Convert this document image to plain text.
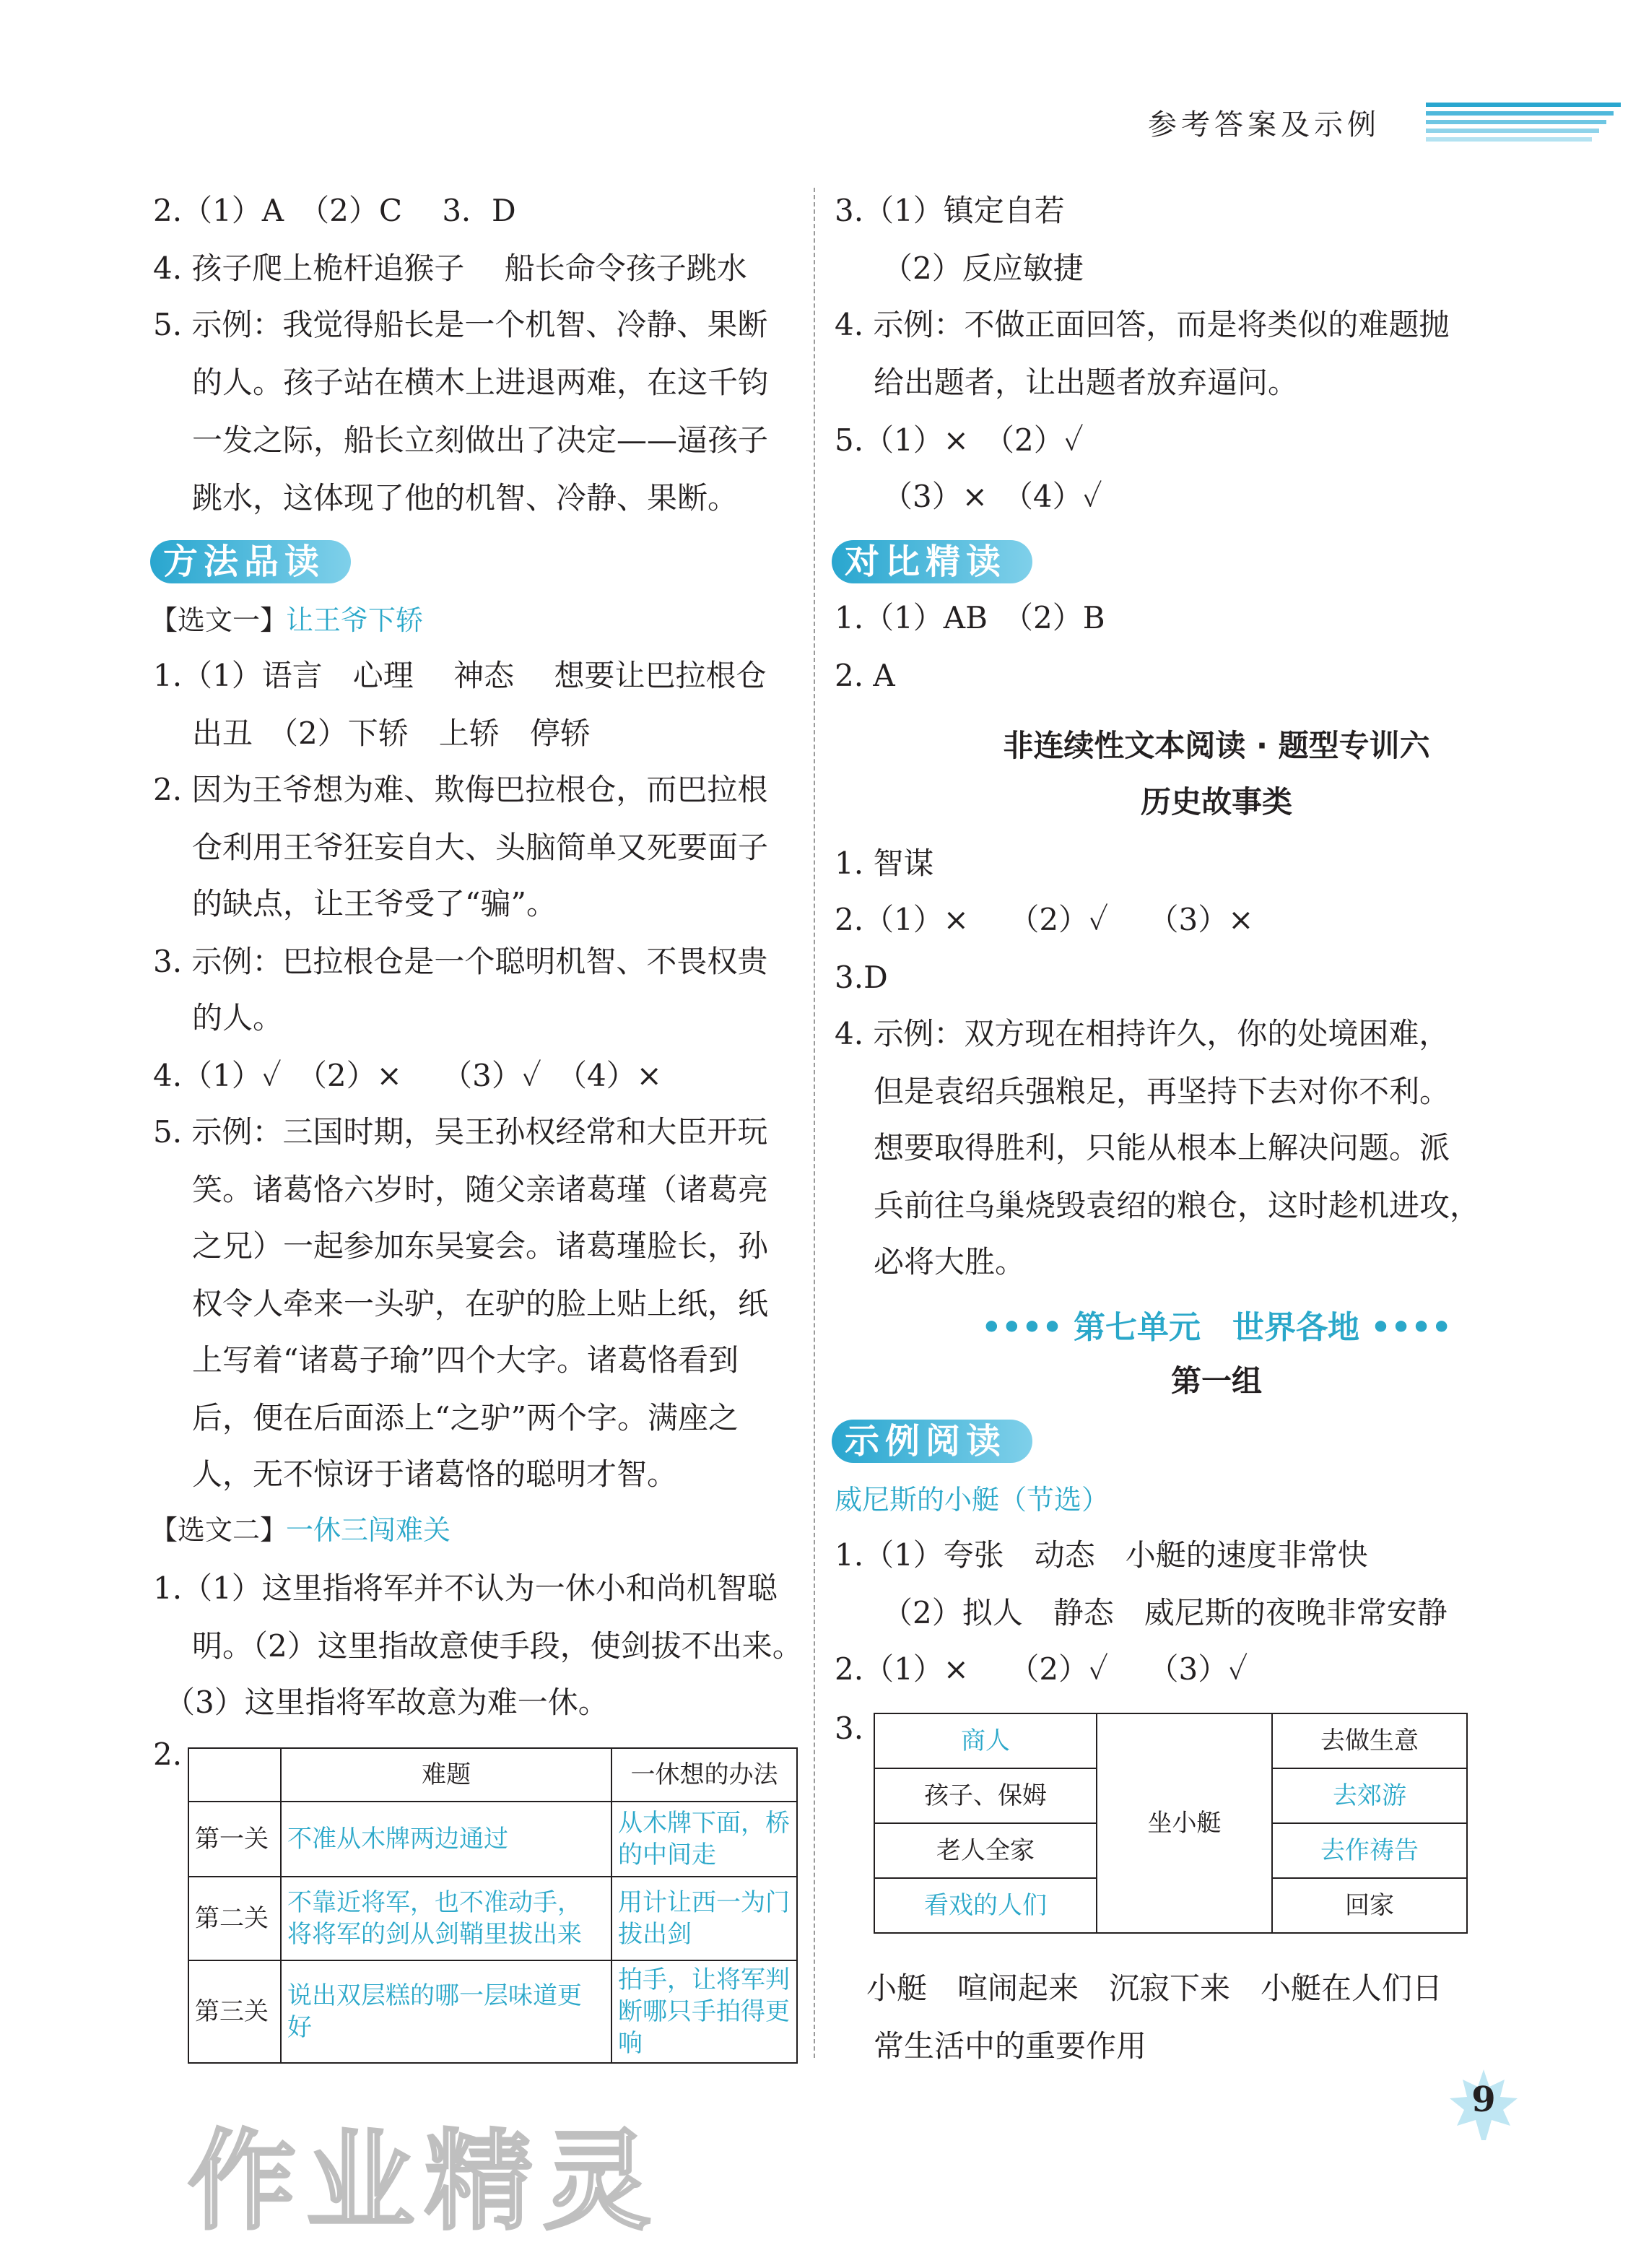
参考答案及示例
2.（1）A　（2）C　 3．D
4. 孩子爬上桅杆追猴子　 船长命令孩子跳水
5. 示例：我觉得船长是一个机智、冷静、果断
的人。孩子站在横木上进退两难，在这千钧
一发之际，船长立刻做出了决定——逼孩子
跳水，这体现了他的机智、冷静、果断。
方法品读
【选文一】
让王爷下轿
1.（1）语言　心理　 神态　 想要让巴拉根仓
出丑　（2）下轿　上轿　停轿
2. 因为王爷想为难、欺侮巴拉根仓，而巴拉根
仓利用王爷狂妄自大、头脑简单又死要面子
的缺点，让王爷受了“骗”。
3. 示例：巴拉根仓是一个聪明机智、不畏权贵
的人。
4.（1）✓　（2）×　 （3）✓　（4）×
5. 示例：三国时期，吴王孙权经常和大臣开玩
笑。诸葛恪六岁时，随父亲诸葛瑾（诸葛亮
之兄）一起参加东吴宴会。诸葛瑾脸长，孙
权令人牵来一头驴，在驴的脸上贴上纸，纸
上写着“诸葛子瑜”四个大字。诸葛恪看到
后，便在后面添上“之驴”两个字。满座之
人，无不惊讶于诸葛恪的聪明才智。
【选文二】
一休三闯难关
1.（1）这里指将军并不认为一休小和尚机智聪
明。（2）这里指故意使手段，使剑拔不出来。
（3）这里指将军故意为难一休。
2.
	难题	一休想的办法
第一关	不准从木牌两边通过	从木牌下面，桥的中间走
第二关	不靠近将军，也不准动手，将将军的剑从剑鞘里拔出来	用计让西一为门拔出剑
第三关	说出双层糕的哪一层味道更好	拍手，让将军判断哪只手拍得更响
3.（1）镇定自若
（2）反应敏捷
4. 示例：不做正面回答，而是将类似的难题抛
给出题者，让出题者放弃逼问。
5.（1）×　（2）✓
（3）×　（4）✓
对比精读
1.（1）AB　（2）B
2. A
非连续性文本阅读 · 题型专训六
历史故事类
1. 智谋
2.（1）×　 （2）✓　 （3）×
3.D
4. 示例：双方现在相持许久，你的处境困难，
但是袁绍兵强粮足，再坚持下去对你不利。
想要取得胜利，只能从根本上解决问题。派
兵前往乌巢烧毁袁绍的粮仓，这时趁机进攻，
必将大胜。
•••• 第七单元　世界各地 ••••
第一组
示例阅读
威尼斯的小艇（节选）
1.（1）夸张　动态　小艇的速度非常快
（2）拟人　静态　威尼斯的夜晚非常安静
2.（1）×　 （2）✓　 （3）✓
3.	商人	坐小艇	去做生意
孩子、保姆		去郊游
老人全家		去作祷告
看戏的人们		回家
小艇　喧闹起来　沉寂下来　小艇在人们日
常生活中的重要作用
9
作业精灵
